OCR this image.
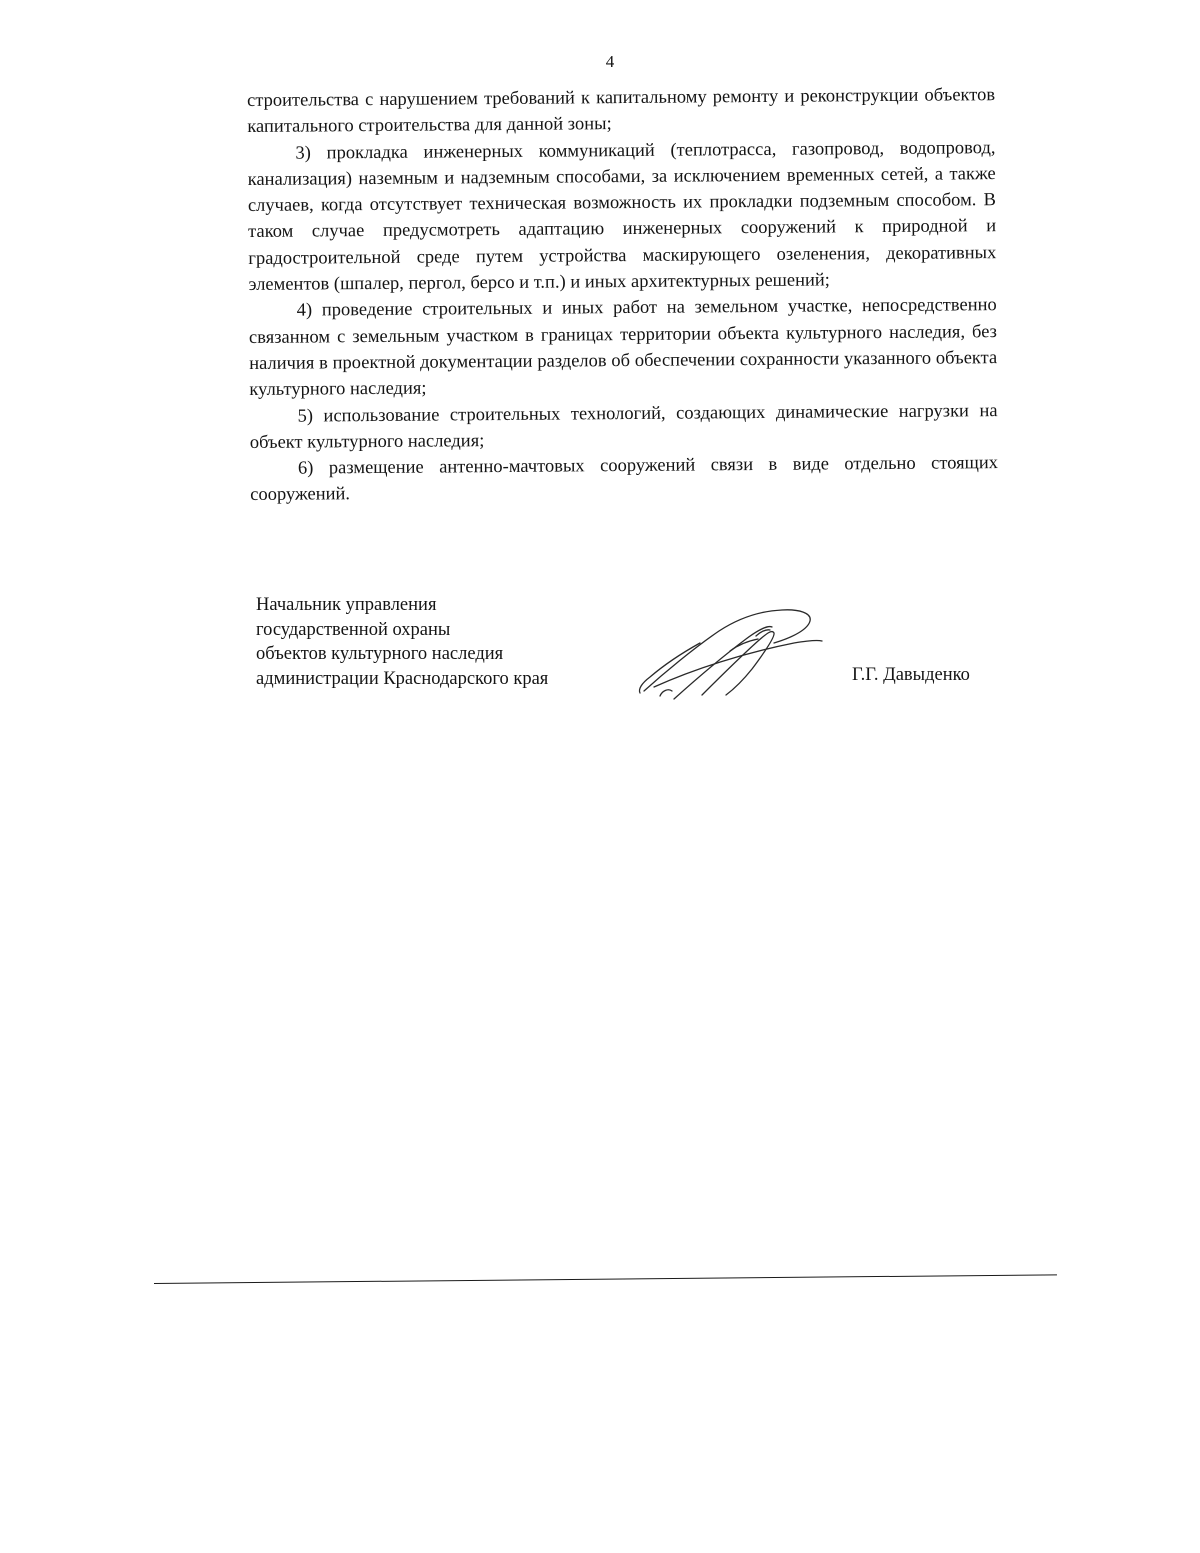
4

строительства с нарушением требований к капитальному ремонту и реконструкции объектов капитального строительства для данной зоны;

3) прокладка инженерных коммуникаций (теплотрасса, газопровод, водопровод, канализация) наземным и надземным способами, за исключением временных сетей, а также случаев, когда отсутствует техническая возможность их прокладки подземным способом. В таком случае предусмотреть адаптацию инженерных сооружений к природной и градостроительной среде путем устройства маскирующего озеленения, декоративных элементов (шпалер, пергол, берсо и т.п.) и иных архитектурных решений;

4) проведение строительных и иных работ на земельном участке, непосредственно связанном с земельным участком в границах территории объекта культурного наследия, без наличия в проектной документации разделов об обеспечении сохранности указанного объекта культурного наследия;

5) использование строительных технологий, создающих динамические нагрузки на объект культурного наследия;

6) размещение антенно-мачтовых сооружений связи в виде отдельно стоящих сооружений.

Начальник управления
государственной охраны
объектов культурного наследия
администрации Краснодарского края	Г.Г. Давыденко
